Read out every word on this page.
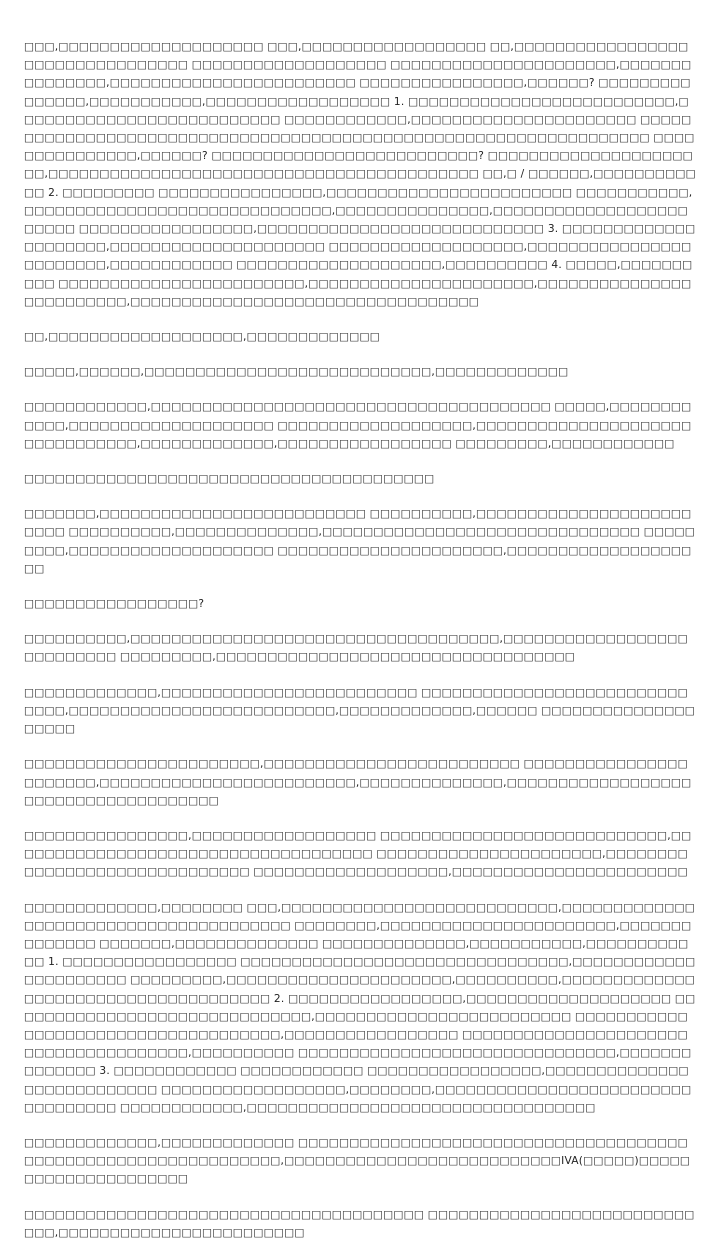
□□□,□□□□□□□□□□□□□□□□□□□□ □□□,□□□□□□□□□□□□□□□□□□ □□,□□□□□□□□□□□□□□□□□□□□□□□□□□□□□□□□□ □□□□□□□□□□□□□□□□□□□ □□□□□□□□□□□□□□□□□□□□□□,□□□□□□□□□□□□□□□,□□□□□□□□□□□□□□□□□□□□□□□□ □□□□□□□□□□□□□□□□,□□□□□□? □□□□□□□□□□□□□□□,□□□□□□□□□□□,□□□□□□□□□□□□□□□□□□ 1. □□□□□□□□□□□□□□□□□□□□□□□□□□,□□□□□□□□□□□□□□□□□□□□□□□□□□ □□□□□□□□□□□□,□□□□□□□□□□□□□□□□□□□□□□ □□□□□□□□□□□□□□□□□□□□□□□□□□□□□□□□□□□□□□□□□□□□□□□□□□□□□□□□□□□□□□□□□□ □□□□□□□□□□□□□□□,□□□□□□? □□□□□□□□□□□□□□□□□□□□□□□□□□? □□□□□□□□□□□□□□□□□□□□□□,□□□□□□□□□□□□□□□□□□□□□□□□□□□□□□□□□□□□□□□□□□ □□,□ / □□□□□□,□□□□□□□□□□□□ 2. □□□□□□□□□ □□□□□□□□□□□□□□□□,□□□□□□□□□□□□□□□□□□□□□□□□ □□□□□□□□□□□,□□□□□□□□□□□□□□□□□□□□□□□□□□□□□□,□□□□□□□□□□□□□□□,□□□□□□□□□□□□□□□□□□□□□□□□ □□□□□□□□□□□□□□□□□,□□□□□□□□□□□□□□□□□□□□□□□□□□□□ 3. □□□□□□□□□□□□□□□□□□□□□,□□□□□□□□□□□□□□□□□□□□□ □□□□□□□□□□□□□□□□□□□,□□□□□□□□□□□□□□□□□□□□□□□□,□□□□□□□□□□□□ □□□□□□□□□□□□□□□□□□□□,□□□□□□□□□□ 4. □□□□□,□□□□□□□□□□ □□□□□□□□□□□□□□□□□□□□□□□□,□□□□□□□□□□□□□□□□□□□□□□,□□□□□□□□□□□□□□□□□□□□□□□□□,□□□□□□□□□□□□□□□□□□□□□□□□□□□□□□□□□□

□□,□□□□□□□□□□□□□□□□□□□,□□□□□□□□□□□□□

□□□□□,□□□□□□,□□□□□□□□□□□□□□□□□□□□□□□□□□□□,□□□□□□□□□□□□□

□□□□□□□□□□□□,□□□□□□□□□□□□□□□□□□□□□□□□□□□□□□□□□□□□□□□ □□□□□,□□□□□□□□□□□□,□□□□□□□□□□□□□□□□□□□□ □□□□□□□□□□□□□□□□□□□,□□□□□□□□□□□□□□□□□□□□□□□□□□□□□□□□,□□□□□□□□□□□□□,□□□□□□□□□□□□□□□□□ □□□□□□□□□,□□□□□□□□□□□□

□□□□□□□□□□□□□□□□□□□□□□□□□□□□□□□□□□□□□□□□

□□□□□□□,□□□□□□□□□□□□□□□□□□□□□□□□□□ □□□□□□□□□□,□□□□□□□□□□□□□□□□□□□□□□□□□ □□□□□□□□□□,□□□□□□□□□□□□□□,□□□□□□□□□□□□□□□□□□□□□□□□□□□□□□□ □□□□□□□□□,□□□□□□□□□□□□□□□□□□□□ □□□□□□□□□□□□□□□□□□□□□□,□□□□□□□□□□□□□□□□□□□□

□□□□□□□□□□□□□□□□□?

□□□□□□□□□□,□□□□□□□□□□□□□□□□□□□□□□□□□□□□□□□□□□□□,□□□□□□□□□□□□□□□□□□□□□□□□□□□ □□□□□□□□□,□□□□□□□□□□□□□□□□□□□□□□□□□□□□□□□□□□□

□□□□□□□□□□□□□,□□□□□□□□□□□□□□□□□□□□□□□□□ □□□□□□□□□□□□□□□□□□□□□□□□□□□□□□,□□□□□□□□□□□□□□□□□□□□□□□□□□,□□□□□□□□□□□□□,□□□□□□ □□□□□□□□□□□□□□□□□□□□

□□□□□□□□□□□□□□□□□□□□□□□,□□□□□□□□□□□□□□□□□□□□□□□□□ □□□□□□□□□□□□□□□□□□□□□□□,□□□□□□□□□□□□□□□□□□□□□□□□□,□□□□□□□□□□□□□□,□□□□□□□□□□□□□□□□□□□□□□□□□□□□□□□□□□□□□

□□□□□□□□□□□□□□□□,□□□□□□□□□□□□□□□□□□ □□□□□□□□□□□□□□□□□□□□□□□□□□□□,□□□□□□□□□□□□□□□□□□□□□□□□□□□□□□□□□□□□ □□□□□□□□□□□□□□□□□□□□□□,□□□□□□□□□□□□□□□□□□□□□□□□□□□□□□ □□□□□□□□□□□□□□□□□□□,□□□□□□□□□□□□□□□□□□□□□□□

□□□□□□□□□□□□□,□□□□□□□□ □□□,□□□□□□□□□□□□□□□□□□□□□□□□□□□,□□□□□□□□□□□□□□□□□□□□□□□□□□□□□□□□□□□□□□□ □□□□□□□□,□□□□□□□□□□□□□□□□□□□□□□□,□□□□□□□□□□□□□□ □□□□□□□,□□□□□□□□□□□□□□ □□□□□□□□□□□□□□,□□□□□□□□□□□,□□□□□□□□□□□□ 1. □□□□□□□□□□□□□□□□□ □□□□□□□□□□□□□□□□□□□□□□□□□□□□□□□□,□□□□□□□□□□□□□□□□□□□□□□ □□□□□□□□□,□□□□□□□□□□□□□□□□□□□□□□,□□□□□□□□□□,□□□□□□□□□□□□□□□□□□□□□□□□□□□□□□□□□□□□□ 2. □□□□□□□□□□□□□□□□□,□□□□□□□□□□□□□□□□□□□□ □□□□□□□□□□□□□□□□□□□□□□□□□□□□□□,□□□□□□□□□□□□□□□□□□□□□□□□□ □□□□□□□□□□□□□□□□□□□□□□□□□□□□□□□□□□□□,□□□□□□□□□□□□□□□□□ □□□□□□□□□□□□□□□□□□□□□□□□□□□□□□□□□□□□□□,□□□□□□□□□□ □□□□□□□□□□□□□□□□□□□□□□□□□□□□□□□,□□□□□□□□□□□□□□ 3. □□□□□□□□□□□□ □□□□□□□□□□□□ □□□□□□□□□□□□□□□□□,□□□□□□□□□□□□□□□□□□□□□□□□□□□ □□□□□□□□□□□□□□□□□□,□□□□□□□□,□□□□□□□□□□□□□□□□□□□□□□□□□□□□□□□□□□ □□□□□□□□□□□□,□□□□□□□□□□□□□□□□□□□□□□□□□□□□□□□□□□

□□□□□□□□□□□□□,□□□□□□□□□□□□□ □□□□□□□□□□□□□□□□□□□□□□□□□□□□□□□□□□□□□□ □□□□□□□□□□□□□□□□□□□□□□□□□,□□□□□□□□□□□□□□□□□□□□□□□□□□□IVA(□□□□□)□□□□□□□□□□□□□□□□□□□□□

□□□□□□□□□□□□□□□□□□□□□□□□□□□□□□□□□□□□□□□ □□□□□□□□□□□□□□□□□□□□□□□□□□□□□,□□□□□□□□□□□□□□□□□□□□□□□□
